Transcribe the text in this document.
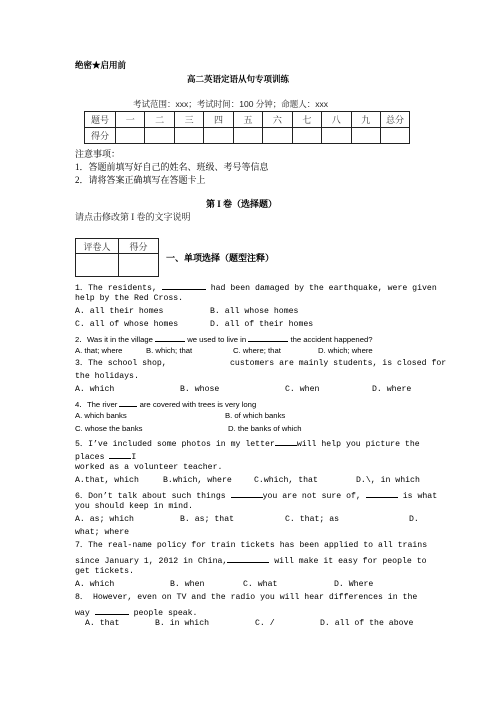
绝密★启用前
高二英语定语从句专项训练
考试范围：xxx；考试时间：100 分钟；命题人：xxx
题号	一	二	三	四	五	六	七	八	九	总分
得分										
注意事项：
1．答题前填写好自己的姓名、班级、考号等信息
2．请将答案正确填写在答题卡上
第 I 卷（选择题）
请点击修改第 I 卷的文字说明
评卷人	得分

一、单项选择（题型注释）
1．The residents,	had been damaged by the earthquake, were given
help by the Red Cross.
A. all their homes	B. all whose homes
C. all of whose homes	D. all of their homes
2．Was it in the village	we used to live in	the accident happened?
A. that; where	B. which; that	C. where; that	D. which; where
3．The school shop,	customers are mainly students, is closed for
the holidays.
A. which	B. whose	C. when	D. where
4．The river	are covered with trees is very long
A. which banks	B. of which banks
C. whose the banks	D. the banks of which
5．I’ve included some photos in my letter	will help you picture the
places	I
worked as a volunteer teacher.
A.that, which	B.which, where	C.which, that	D.\, in which
6．Don’t talk about such things	you are not sure of,	is what
you should keep in mind.
A. as; which	B. as; that	C. that; as	D.
what; where
7．The real-name policy for train tickets has been applied to all trains
since January 1, 2012 in China,	will make it easy for people to
get tickets.
A. which	B. when	C. what	D. Where
8． However, even on TV and the radio you will hear differences in the
way	people speak.
A. that	B. in which	C. /	D. all of the above
